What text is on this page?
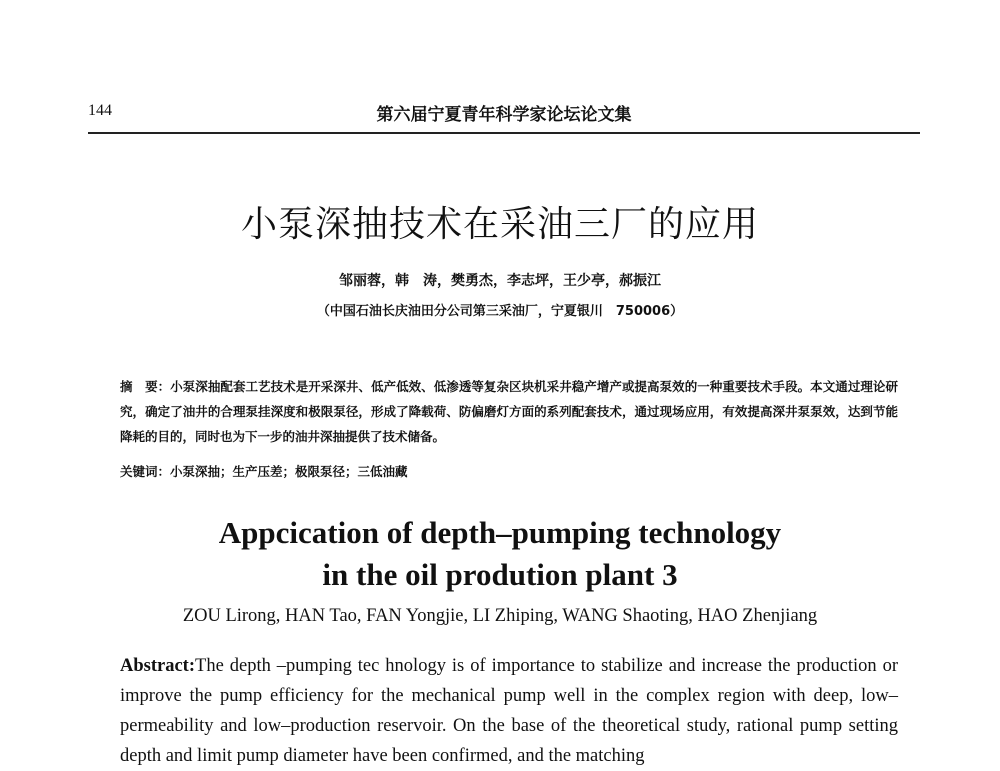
144	第六届宁夏青年科学家论坛论文集
小泵深抽技术在采油三厂的应用
邹丽蓉，韩　涛，樊勇杰，李志坪，王少亭，郝振江
（中国石油长庆油田分公司第三采油厂，宁夏银川　750006）
摘　要：小泵深抽配套工艺技术是开采深井、低产低效、低渗透等复杂区块机采井稳产增产或提高泵效的一种重要技术手段。本文通过理论研究，确定了油井的合理泵挂深度和极限泵径，形成了降载荷、防偏磨灯方面的系列配套技术，通过现场应用，有效提高深井泵泵效，达到节能降耗的目的，同时也为下一步的油井深抽提供了技术储备。
关键词：小泵深抽；生产压差；极限泵径；三低油藏
Appcication of depth–pumping technology
in the oil prodution plant 3
ZOU Lirong, HAN Tao, FAN Yongjie, LI Zhiping, WANG Shaoting, HAO Zhenjiang
Abstract:The depth –pumping tec hnology is of importance to stabilize and increase the production or improve the pump efficiency for the mechanical pump well in the complex region with deep, low–permeability and low–production reservoir. On the base of the theoretical study, rational pump setting depth and limit pump diameter have been confirmed, and the matching
